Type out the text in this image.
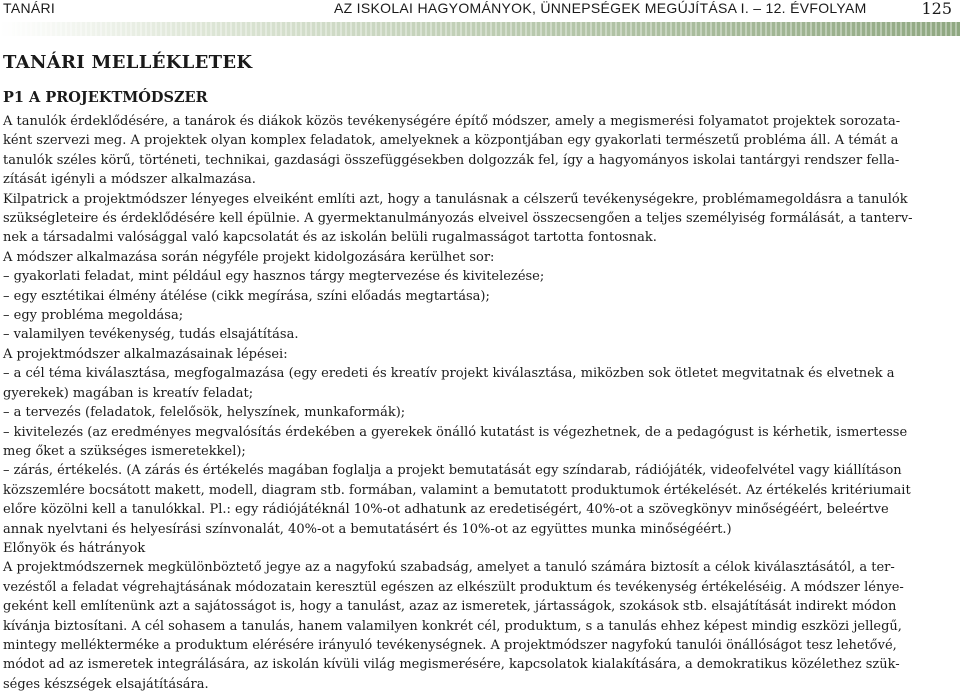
TANÁRI	AZ ISKOLAI HAGYOMÁNYOK, ÜNNEPSÉGEK MEGÚJÍTÁSA I. – 12. ÉVFOLYAM	125
TANÁRI MELLÉKLETEK
P1 A PROJEKTMÓDSZER
A tanulók érdeklődésére, a tanárok és diákok közös tevékenységére építő módszer, amely a megismerési folyamatot projektek sorozata-
ként szervezi meg. A projektek olyan komplex feladatok, amelyeknek a központjában egy gyakorlati természetű probléma áll. A témát a
tanulók széles körű, történeti, technikai, gazdasági összefüggésekben dolgozzák fel, így a hagyományos iskolai tantárgyi rendszer fella-
zítását igényli a módszer alkalmazása.
Kilpatrick a projektmódszer lényeges elveiként említi azt, hogy a tanulásnak a célszerű tevékenységekre, problémamegoldásra a tanulók
szükségleteire és érdeklődésére kell épülnie. A gyermektanulmányozás elveivel összecsengően a teljes személyiség formálását, a tanterv-
nek a társadalmi valósággal való kapcsolatát és az iskolán belüli rugalmasságot tartotta fontosnak.
A módszer alkalmazása során négyféle projekt kidolgozására kerülhet sor:
– gyakorlati feladat, mint például egy hasznos tárgy megtervezése és kivitelezése;
– egy esztétikai élmény átélése (cikk megírása, színi előadás megtartása);
– egy probléma megoldása;
– valamilyen tevékenység, tudás elsajátítása.
A projektmódszer alkalmazásainak lépései:
– a cél téma kiválasztása, megfogalmazása (egy eredeti és kreatív projekt kiválasztása, miközben sok ötletet megvitatnak és elvetnek a
gyerekek) magában is kreatív feladat;
– a tervezés (feladatok, felelősök, helyszínek, munkaformák);
– kivitelezés (az eredményes megvalósítás érdekében a gyerekek önálló kutatást is végezhetnek, de a pedagógust is kérhetik, ismertesse
meg őket a szükséges ismeretekkel);
– zárás, értékelés. (A zárás és értékelés magában foglalja a projekt bemutatását egy színdarab, rádiójáték, videofelvétel vagy kiállításon
közszemlére bocsátott makett, modell, diagram stb. formában, valamint a bemutatott produktumok értékelését. Az értékelés kritériumait
előre közölni kell a tanulókkal. Pl.: egy rádiójátéknál 10%-ot adhatunk az eredetiségért, 40%-ot a szövegkönyv minőségéért, beleértve
annak nyelvtani és helyesírási színvonalát, 40%-ot a bemutatásért és 10%-ot az együttes munka minőségéért.)
Előnyök és hátrányok
A projektmódszernek megkülönböztető jegye az a nagyfokú szabadság, amelyet a tanuló számára biztosít a célok kiválasztásától, a ter-
vezéstől a feladat végrehajtásának módozatain keresztül egészen az elkészült produktum és tevékenység értékeléséig. A módszer lénye-
geként kell említenünk azt a sajátosságot is, hogy a tanulást, azaz az ismeretek, jártasságok, szokások stb. elsajátítását indirekt módon
kívánja biztosítani. A cél sohasem a tanulás, hanem valamilyen konkrét cél, produktum, s a tanulás ehhez képest mindig eszközi jellegű,
mintegy mellékterméke a produktum elérésére irányuló tevékenységnek. A projektmódszer nagyfokú tanulói önállóságot tesz lehetővé,
módot ad az ismeretek integrálására, az iskolán kívüli világ megismerésére, kapcsolatok kialakítására, a demokratikus közélethez szük-
séges készségek elsajátítására.
